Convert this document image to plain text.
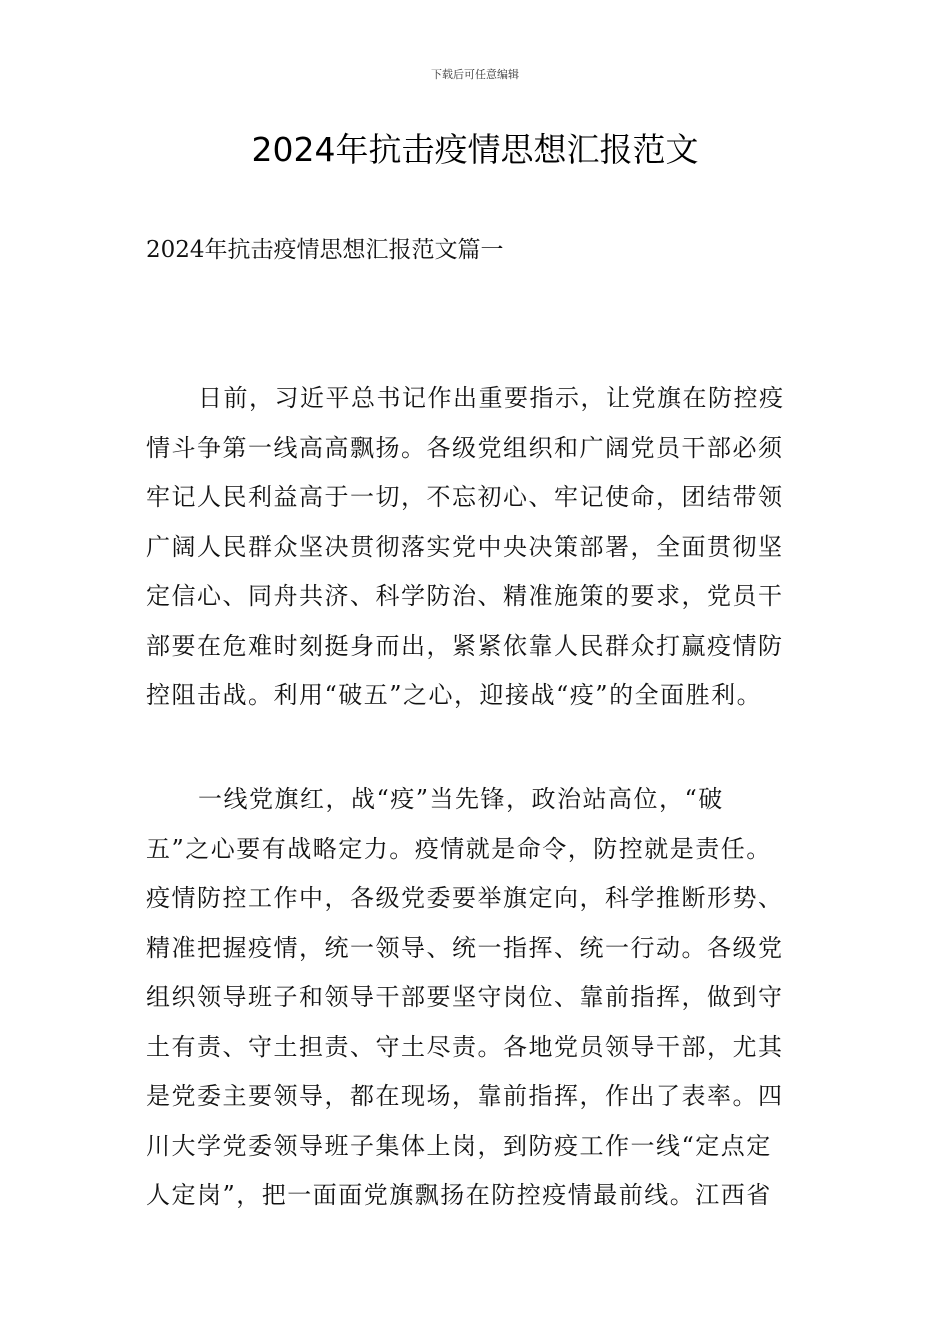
下载后可任意编辑
2024年抗击疫情思想汇报范文
2024年抗击疫情思想汇报范文篇一
日前，习近平总书记作出重要指示，让党旗在防控疫
情斗争第一线高高飘扬。各级党组织和广阔党员干部必须
牢记人民利益高于一切，不忘初心、牢记使命，团结带领
广阔人民群众坚决贯彻落实党中央决策部署，全面贯彻坚
定信心、同舟共济、科学防治、精准施策的要求，党员干
部要在危难时刻挺身而出，紧紧依靠人民群众打赢疫情防
控阻击战。利用“破五”之心，迎接战“疫”的全面胜利。
一线党旗红，战“疫”当先锋，政治站高位，“破
五”之心要有战略定力。疫情就是命令，防控就是责任。
疫情防控工作中，各级党委要举旗定向，科学推断形势、
精准把握疫情，统一领导、统一指挥、统一行动。各级党
组织领导班子和领导干部要坚守岗位、靠前指挥，做到守
土有责、守土担责、守土尽责。各地党员领导干部，尤其
是党委主要领导，都在现场，靠前指挥，作出了表率。四
川大学党委领导班子集体上岗，到防疫工作一线“定点定
人定岗”，把一面面党旗飘扬在防控疫情最前线。江西省
